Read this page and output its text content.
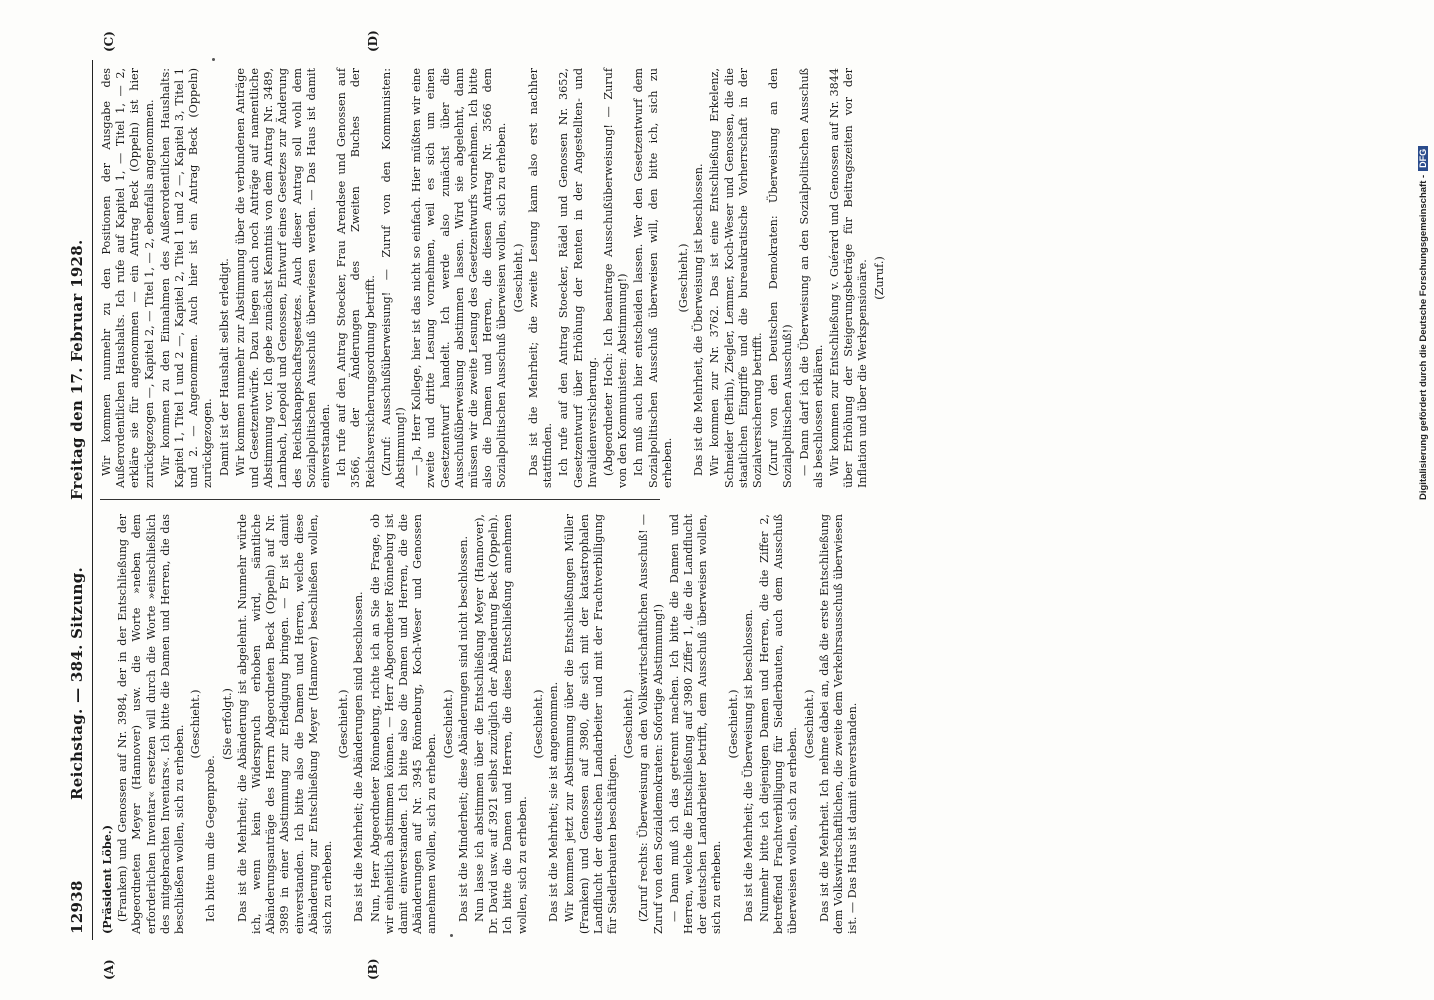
12938
Reichstag. — 384. Sitzung.
Freitag den 17. Februar 1928.

(Präsident Löbe.) (Franken) und Genossen auf Nr. 3984, der in der Entschließung der Abgeordneten Meyer (Hannover) usw. die Worte »neben dem erforderlichen Inventar« ersetzen will durch die Worte »einschließlich des mitgebrachten Inventars«. Ich bitte die Damen und Herren, die das beschließen wollen, sich zu erheben.

(Geschieht.)

Ich bitte um die Gegenprobe.

(Sie erfolgt.) Das ist die Mehrheit; die Abänderung ist abgelehnt. Nunmehr würde ich, wenn kein Widerspruch erhoben wird, sämtliche Abänderungsanträge des Herrn Abgeordneten Beck (Oppeln) auf Nr. 3989 in einer Abstimmung zur Erledigung bringen. — Er ist damit einverstanden. Ich bitte also die Damen und Herren, welche diese Abänderung zur Entschließung Meyer (Hannover) beschließen wollen, sich zu erheben.

(Geschieht.) Das ist die Mehrheit; die Abänderungen sind beschlossen. Nun, Herr Abgeordneter Rönneburg, richte ich an Sie die Frage, ob wir einheitlich abstimmen können. — Herr Abgeordneter Rönneburg ist damit einverstanden. Ich bitte also die Damen und Herren, die die Abänderungen auf Nr. 3945 Rönneburg, Koch-Weser und Genossen annehmen wollen, sich zu erheben.

(Geschieht.) Das ist die Minderheit; diese Abänderungen sind nicht beschlossen. Nun lasse ich abstimmen über die Entschließung Meyer (Hannover), Dr. David usw. auf 3921 selbst zuzüglich der Abänderung Beck (Oppeln). Ich bitte die Damen und Herren, die diese Entschließung annehmen wollen, sich zu erheben.

(Geschieht.) Das ist die Mehrheit; sie ist angenommen. Wir kommen jetzt zur Abstimmung über die Entschließungen Müller (Franken) und Genossen auf 3980, die sich mit der katastrophalen Landflucht der deutschen Landarbeiter und mit der Frachtverbilligung für Siedlerbauten beschäftigen.

(Geschieht.) (Zuruf rechts: Überweisung an den Volkswirtschaftlichen Ausschuß! — Zuruf von den Sozialdemokraten: Sofortige Abstimmung!) — Dann muß ich das getrennt machen. Ich bitte die Damen und Herren, welche die Entschließung auf 3980 Ziffer 1, die die Landflucht der deutschen Landarbeiter betrifft, dem Ausschuß überweisen wollen, sich zu erheben.

(Geschieht.) Das ist die Mehrheit; die Überweisung ist beschlossen. Nunmehr bitte ich diejenigen Damen und Herren, die die Ziffer 2, betreffend Frachtverbilligung für Siedlerbauten, auch dem Ausschuß überweisen wollen, sich zu erheben.

(Geschieht.) Das ist die Mehrheit. Ich nehme dabei an, daß die erste Entschließung dem Volkswirtschaftlichen, die zweite dem Verkehrsausschuß überwiesen ist. — Das Haus ist damit einverstanden.

Wir kommen nunmehr zu den Positionen der Ausgabe des Außerordentlichen Haushalts. Ich rufe auf Kapitel 1, — Titel 1, — 2, erkläre sie für angenommen — ein Antrag Beck (Oppeln) ist hier zurückgezogen —, Kapitel 2, — Titel 1, — 2, ebenfalls angenommen. Wir kommen zu den Einnahmen des Außerordentlichen Haushalts: Kapitel 1, Titel 1 und 2 —, Kapitel 2, Titel 1 und 2 —, Kapitel 3, Titel 1 und 2. — Angenommen. Auch hier ist ein Antrag Beck (Oppeln) zurückgezogen. Damit ist der Haushalt selbst erledigt. Wir kommen nunmehr zur Abstimmung über die verbundenen Anträge und Gesetzentwürfe. Dazu liegen auch noch Anträge auf namentliche Abstimmung vor. Ich gebe zunächst Kenntnis von dem Antrag Nr. 3489, Lambach, Leopold und Genossen, Entwurf eines Gesetzes zur Änderung des Reichsknappschaftsgesetzes. Auch dieser Antrag soll wohl dem Sozialpolitischen Ausschuß überwiesen werden. — Das Haus ist damit einverstanden. Ich rufe auf den Antrag Stoecker, Frau Arendsee und Genossen auf 3566, der Änderungen des Zweiten Buches der Reichsversicherungsordnung betrifft. (Zuruf: Ausschußüberweisung! — Zuruf von den Kommunisten: Abstimmung!) — Ja, Herr Kollege, hier ist das nicht so einfach. Hier müßten wir eine zweite und dritte Lesung vornehmen, weil es sich um einen Gesetzentwurf handelt. Ich werde also zunächst über die Ausschußüberweisung abstimmen lassen. Wird sie abgelehnt, dann müssen wir die zweite Lesung des Gesetzentwurfs vornehmen. Ich bitte also die Damen und Herren, die diesen Antrag Nr. 3566 dem Sozialpolitischen Ausschuß überweisen wollen, sich zu erheben. (Geschieht.) Das ist die Mehrheit; die zweite Lesung kann also erst nachher stattfinden. Ich rufe auf den Antrag Stoecker, Rädel und Genossen Nr. 3652, Gesetzentwurf über Erhöhung der Renten in der Angestellten- und Invalidenversicherung. (Abgeordneter Hoch: Ich beantrage Ausschußüberweisung! — Zuruf von den Kommunisten: Abstimmung!) Ich muß auch hier entscheiden lassen. Wer den Gesetzentwurf dem Sozialpolitischen Ausschuß überweisen will, den bitte ich, sich zu erheben.

(Geschieht.) Das ist die Mehrheit, die Überweisung ist beschlossen. Wir kommen zur Nr. 3762. Das ist eine Entschließung Erkelenz, Schneider (Berlin), Ziegler, Lemmer, Koch-Weser und Genossen, die die staatlichen Eingriffe und die bureaukratische Vorherrschaft in der Sozialversicherung betrifft. (Zuruf von den Deutschen Demokraten: Überweisung an den Sozialpolitischen Ausschuß!) — Dann darf ich die Überweisung an den Sozialpolitischen Ausschuß als beschlossen erklären. Wir kommen zur Entschließung v. Guérard und Genossen auf Nr. 3844 über Erhöhung der Steigerungsbeträge für Beitragszeiten vor der Inflation und über die Werkspensionäre. (Zuruf.)

(A)	(B)
(C)	(D)
Digitalisierung gefördert durch die Deutsche Forschungsgemeinschaft -DFG
